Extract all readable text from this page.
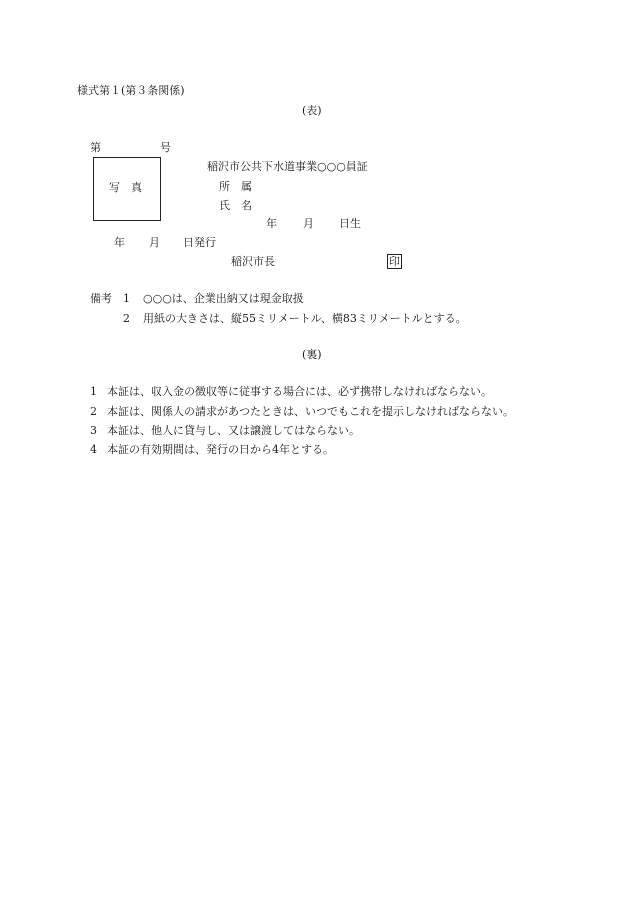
様式第１(第３条関係)
(表)
第	号
写　真
稲沢市公共下水道事業○○○員証
所　属
氏　名
年 月 日生
年 月 日発行
稲沢市長	印
備考 1 ○○○は、企業出納又は現金取扱
2 用紙の大きさは、縦55ミリメートル、横83ミリメートルとする。
(裏)
1 本証は、収入金の徴収等に従事する場合には、必ず携帯しなければならない。
2 本証は、関係人の請求があつたときは、いつでもこれを提示しなければならない。
3 本証は、他人に貸与し、又は譲渡してはならない。
4 本証の有効期間は、発行の日から4年とする。
